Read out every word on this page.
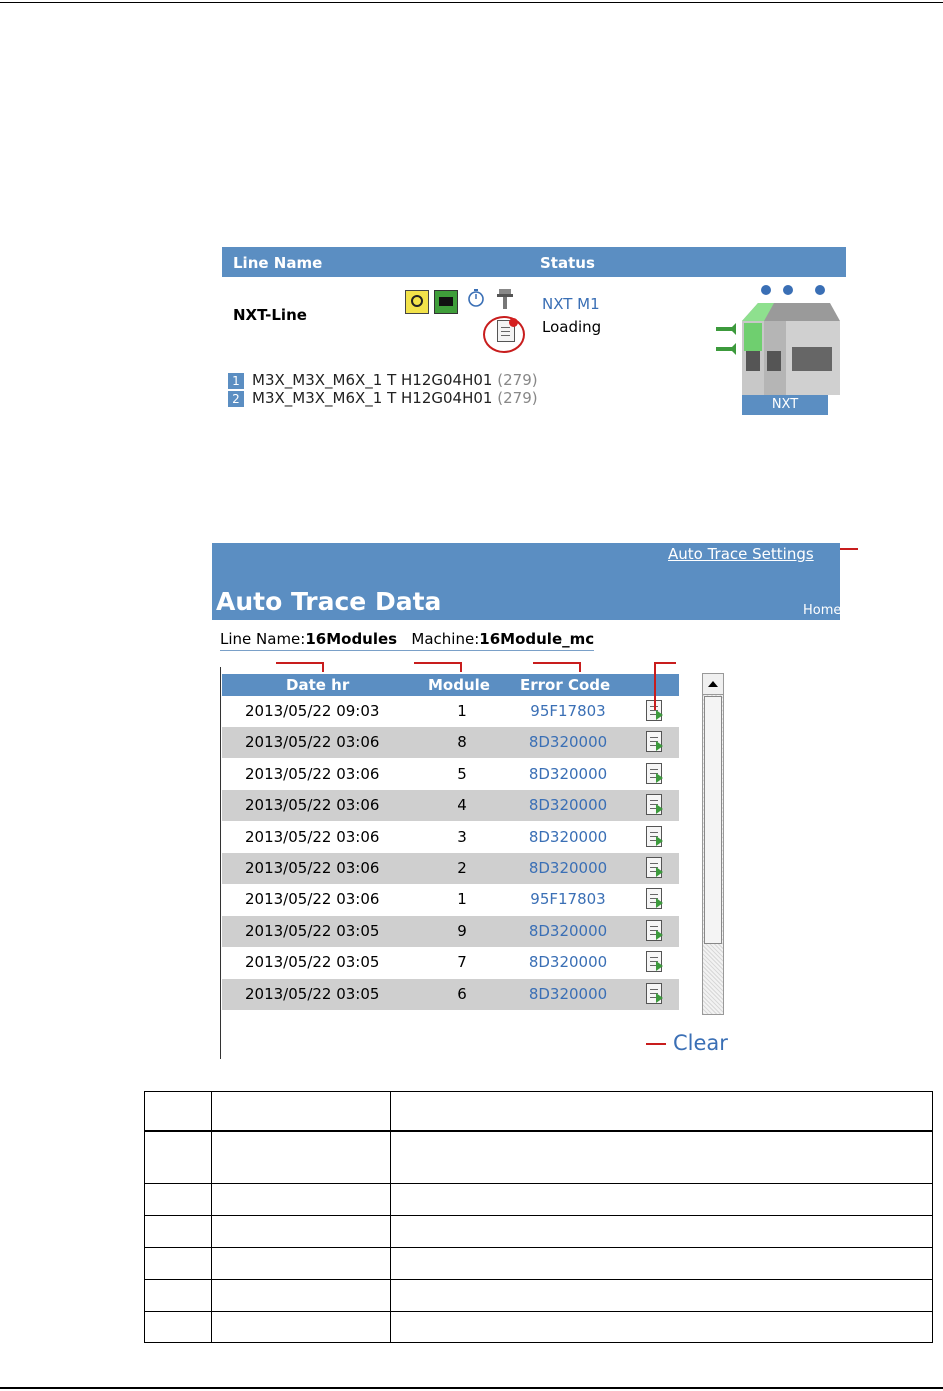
Line Name	Status
NXT-Line
NXT M1
Loading
1 M3X_M3X_M6X_1 T H12G04H01 (279)
2 M3X_M3X_M6X_1 T H12G04H01 (279)	NXT
Auto Trace Settings
Auto Trace Data	Home
Line Name:16Modules Machine:16Module_mc
Date hr	Module Error Code
2013/05/22 09:03	1	95F17803
2013/05/22 03:06	8	8D320000
2013/05/22 03:06	5	8D320000
2013/05/22 03:06	4	8D320000
2013/05/22 03:06	3	8D320000
2013/05/22 03:06	2	8D320000
2013/05/22 03:06	1	95F17803
2013/05/22 03:05	9	8D320000
2013/05/22 03:05	7	8D320000
2013/05/22 03:05	6	8D320000
Clear
